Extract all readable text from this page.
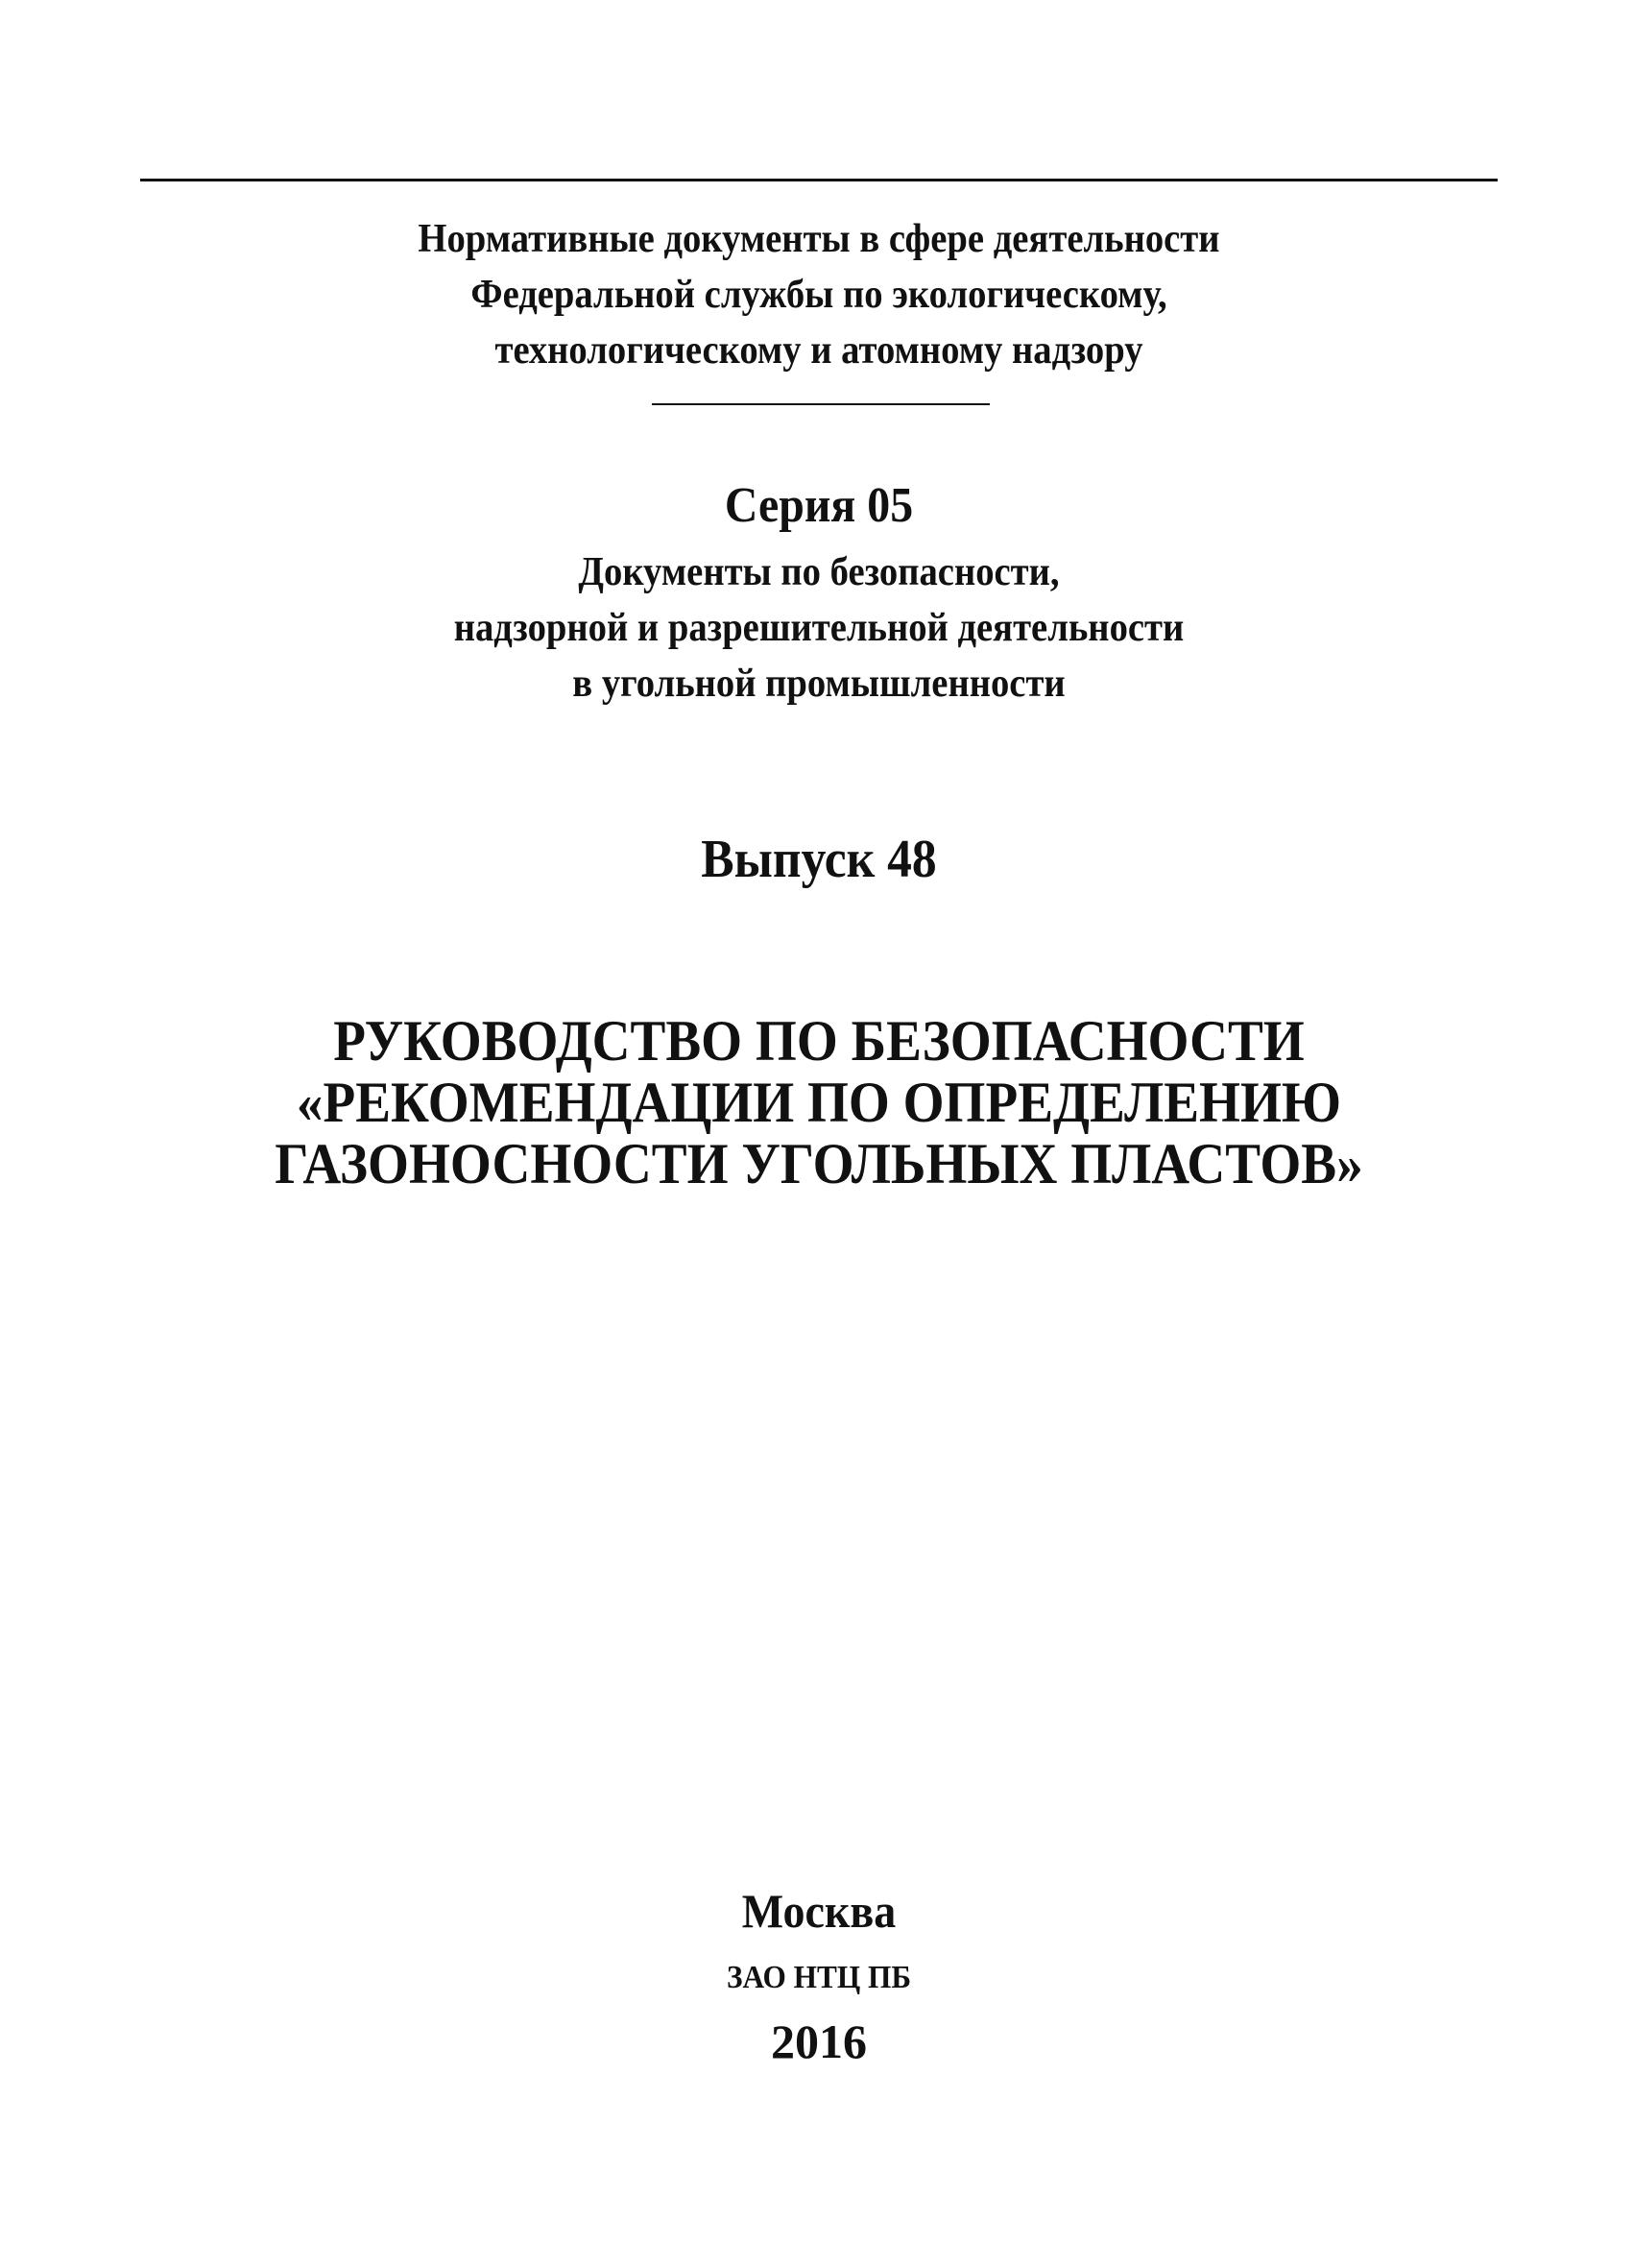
Нормативные документы в сфере деятельности
Федеральной службы по экологическому,
технологическому и атомному надзору
Серия 05
Документы по безопасности,
надзорной и разрешительной деятельности
в угольной промышленности
Выпуск 48
РУКОВОДСТВО ПО БЕЗОПАСНОСТИ
«РЕКОМЕНДАЦИИ ПО ОПРЕДЕЛЕНИЮ
ГАЗОНОСНОСТИ УГОЛЬНЫХ ПЛАСТОВ»
Москва
ЗАО НТЦ ПБ
2016
